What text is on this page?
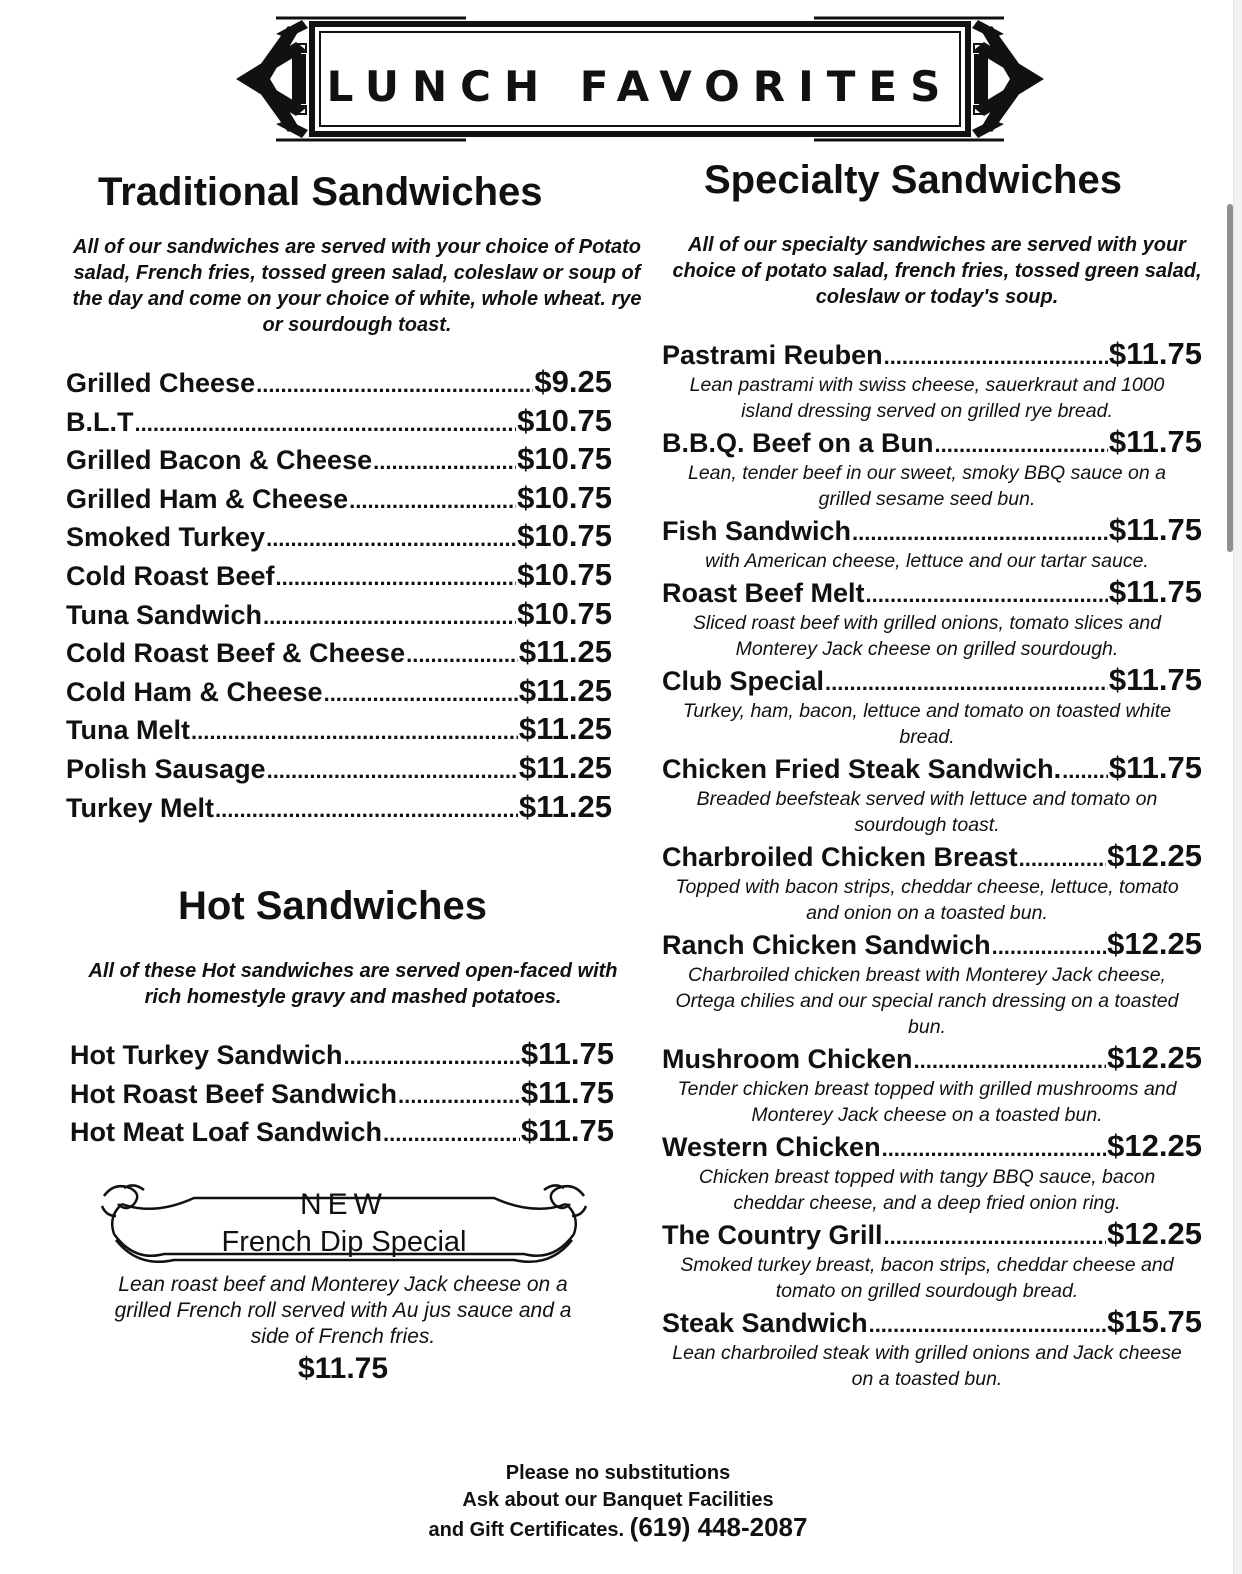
LUNCH FAVORITES
Traditional Sandwiches
All of our sandwiches are served with your choice of Potato salad, French fries, tossed green salad, coleslaw or soup of the day and come on your choice of white, whole wheat. rye or sourdough toast.
Grilled Cheese .....	$9.25
B.L.T .....	$10.75
Grilled Bacon & Cheese .....	$10.75
Grilled Ham & Cheese .....	$10.75
Smoked Turkey .....	$10.75
Cold Roast Beef .....	$10.75
Tuna Sandwich .....	$10.75
Cold Roast Beef & Cheese .....	$11.25
Cold Ham & Cheese .....	$11.25
Tuna Melt .....	$11.25
Polish Sausage .....	$11.25
Turkey Melt .....	$11.25
Hot Sandwiches
All of these Hot sandwiches are served open-faced with rich homestyle gravy and mashed potatoes.
Hot Turkey Sandwich .....	$11.75
Hot Roast Beef Sandwich .....	$11.75
Hot Meat Loaf Sandwich .....	$11.75
NEW
French Dip Special
Lean roast beef and Monterey Jack cheese on a grilled French roll served with Au jus sauce and a side of French fries.
$11.75
Specialty Sandwiches
All of our specialty sandwiches are served with your choice of potato salad, french fries, tossed green salad, coleslaw or today's soup.
Pastrami Reuben .....	$11.75
Lean pastrami with swiss cheese, sauerkraut and 1000 island dressing served on grilled rye bread.
B.B.Q. Beef on a Bun .....	$11.75
Lean, tender beef in our sweet, smoky BBQ sauce on a grilled sesame seed bun.
Fish Sandwich .....	$11.75
with American cheese, lettuce and our tartar sauce.
Roast Beef Melt .....	$11.75
Sliced roast beef with grilled onions, tomato slices and Monterey Jack cheese on grilled sourdough.
Club Special .....	$11.75
Turkey, ham, bacon, lettuce and tomato on toasted white bread.
Chicken Fried Steak Sandwich. ..... $11.75
Breaded beefsteak served with lettuce and tomato on sourdough toast.
Charbroiled Chicken Breast .....	$12.25
Topped with bacon strips, cheddar cheese, lettuce, tomato and onion on a toasted bun.
Ranch Chicken Sandwich .....	$12.25
Charbroiled chicken breast with Monterey Jack cheese, Ortega chilies and our special ranch dressing on a toasted bun.
Mushroom Chicken .....	$12.25
Tender chicken breast topped with grilled mushrooms and Monterey Jack cheese on a toasted bun.
Western Chicken .....	$12.25
Chicken breast topped with tangy BBQ sauce, bacon cheddar cheese, and a deep fried onion ring.
The Country Grill .....	$12.25
Smoked turkey breast, bacon strips, cheddar cheese and tomato on grilled sourdough bread.
Steak Sandwich .....	$15.75
Lean charbroiled steak with grilled onions and Jack cheese on a toasted bun.
Please no substitutions
Ask about our Banquet Facilities
and Gift Certificates. (619) 448-2087
